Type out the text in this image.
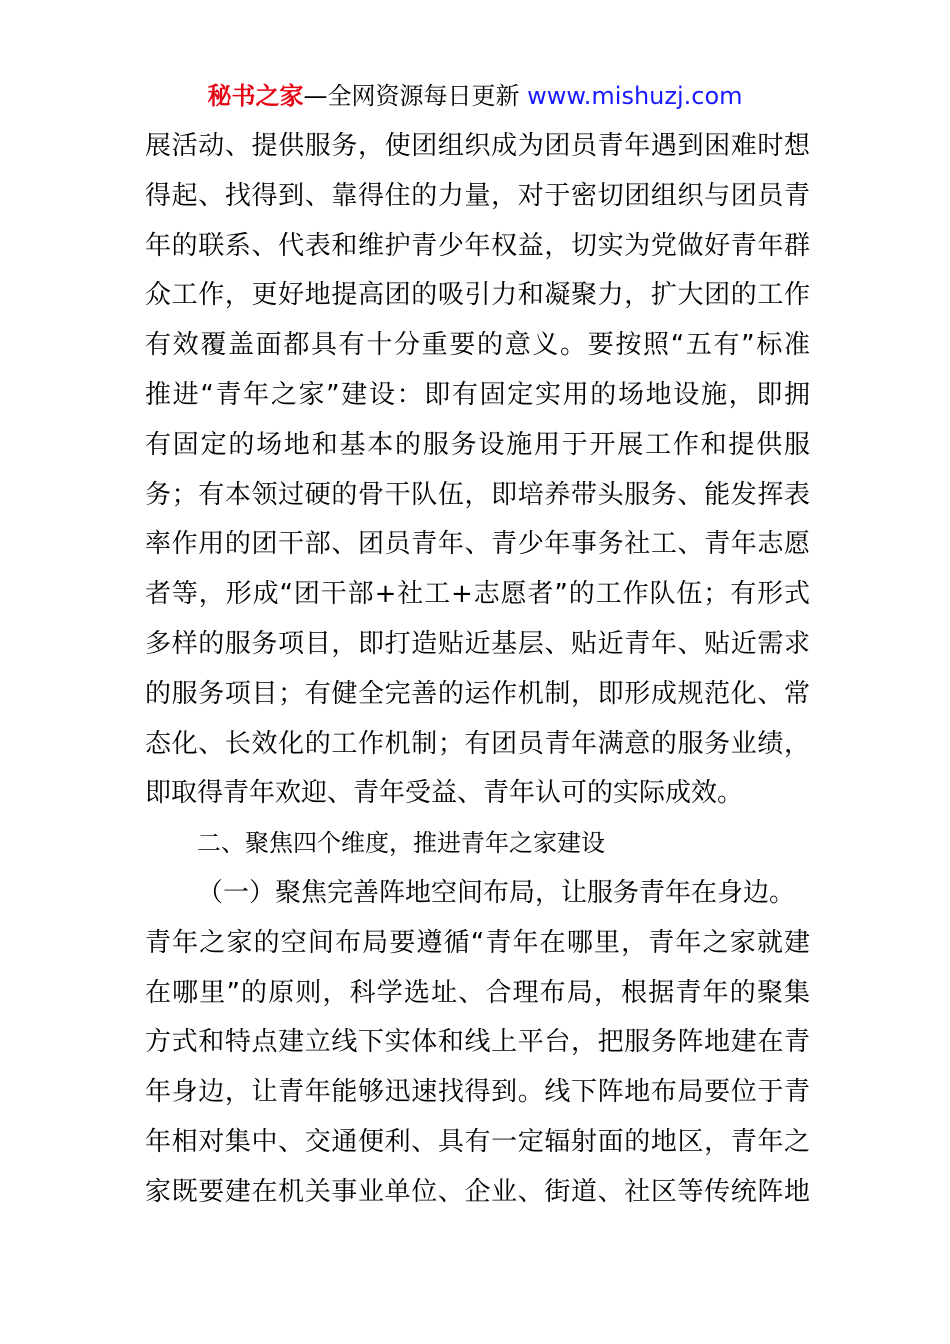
秘书之家—全网资源每日更新 www.mishuzj.com
展活动、提供服务，使团组织成为团员青年遇到困难时想
得起、找得到、靠得住的力量，对于密切团组织与团员青
年的联系、代表和维护青少年权益，切实为党做好青年群
众工作，更好地提高团的吸引力和凝聚力，扩大团的工作
有效覆盖面都具有十分重要的意义。要按照“五有”标准
推进“青年之家”建设：即有固定实用的场地设施，即拥
有固定的场地和基本的服务设施用于开展工作和提供服
务；有本领过硬的骨干队伍，即培养带头服务、能发挥表
率作用的团干部、团员青年、青少年事务社工、青年志愿
者等，形成“团干部+社工+志愿者”的工作队伍；有形式
多样的服务项目，即打造贴近基层、贴近青年、贴近需求
的服务项目；有健全完善的运作机制，即形成规范化、常
态化、长效化的工作机制；有团员青年满意的服务业绩，
即取得青年欢迎、青年受益、青年认可的实际成效。
二、聚焦四个维度，推进青年之家建设
（一）聚焦完善阵地空间布局，让服务青年在身边。
青年之家的空间布局要遵循“青年在哪里，青年之家就建
在哪里”的原则，科学选址、合理布局，根据青年的聚集
方式和特点建立线下实体和线上平台，把服务阵地建在青
年身边，让青年能够迅速找得到。线下阵地布局要位于青
年相对集中、交通便利、具有一定辐射面的地区，青年之
家既要建在机关事业单位、企业、街道、社区等传统阵地
